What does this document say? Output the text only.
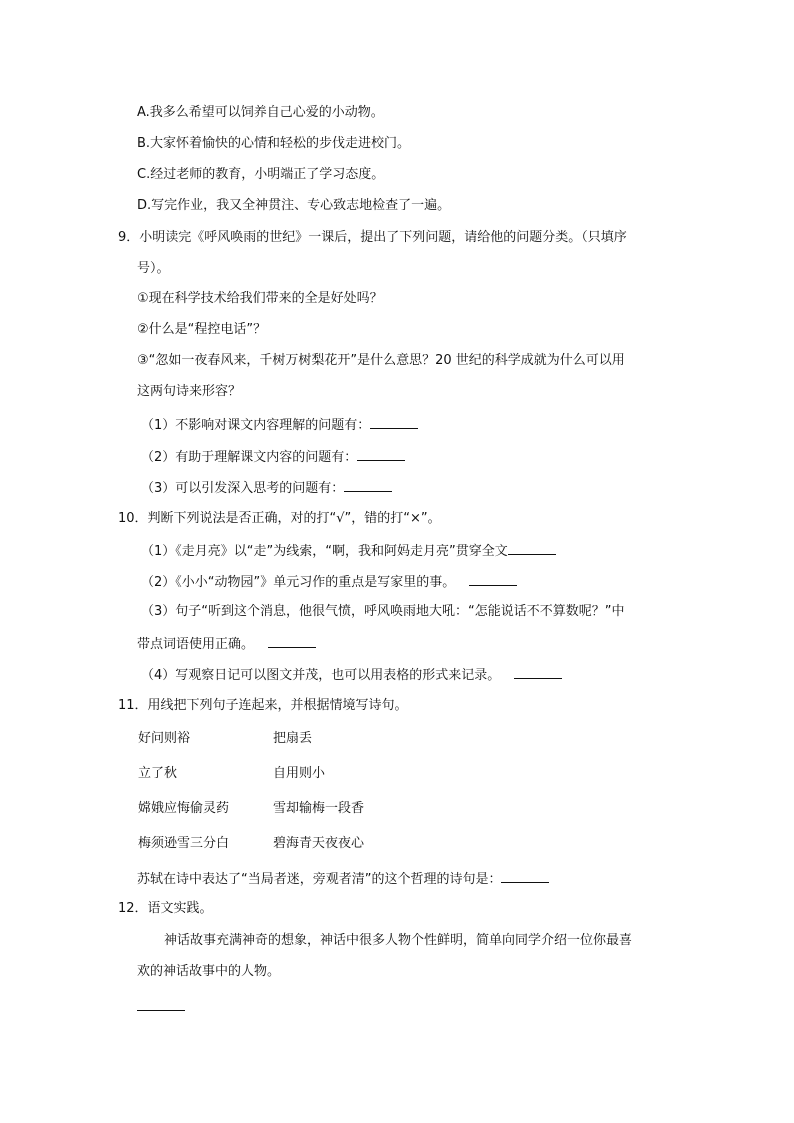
A.我多么希望可以饲养自己心爱的小动物。
B.大家怀着愉快的心情和轻松的步伐走进校门。
C.经过老师的教育，小明端正了学习态度。
D.写完作业，我又全神贯注、专心致志地检查了一遍。
9．小明读完《呼风唤雨的世纪》一课后，提出了下列问题，请给他的问题分类。（只填序
号）。
①现在科学技术给我们带来的全是好处吗？
②什么是“程控电话”？
③“忽如一夜春风来，千树万树梨花开”是什么意思？20 世纪的科学成就为什么可以用
这两句诗来形容？
（1）不影响对课文内容理解的问题有：
（2）有助于理解课文内容的问题有：
（3）可以引发深入思考的问题有：
10．判断下列说法是否正确，对的打“√”，错的打“×”。
（1）《走月亮》以“走”为线索，“啊，我和阿妈走月亮”贯穿全文
（2）《小小“动物园”》单元习作的重点是写家里的事。
（3）句子“听到这个消息，他很气愤，呼风唤雨地大吼：“怎能说话不不算数呢？”中
带点词语使用正确。
（4）写观察日记可以图文并茂，也可以用表格的形式来记录。
11．用线把下列句子连起来，并根据情境写诗句。
好问则裕	把扇丢
立了秋	自用则小
嫦娥应悔偷灵药	雪却输梅一段香
梅须逊雪三分白	碧海青天夜夜心
苏轼在诗中表达了“当局者迷，旁观者清”的这个哲理的诗句是：
12．语文实践。
神话故事充满神奇的想象，神话中很多人物个性鲜明，简单向同学介绍一位你最喜
欢的神话故事中的人物。
